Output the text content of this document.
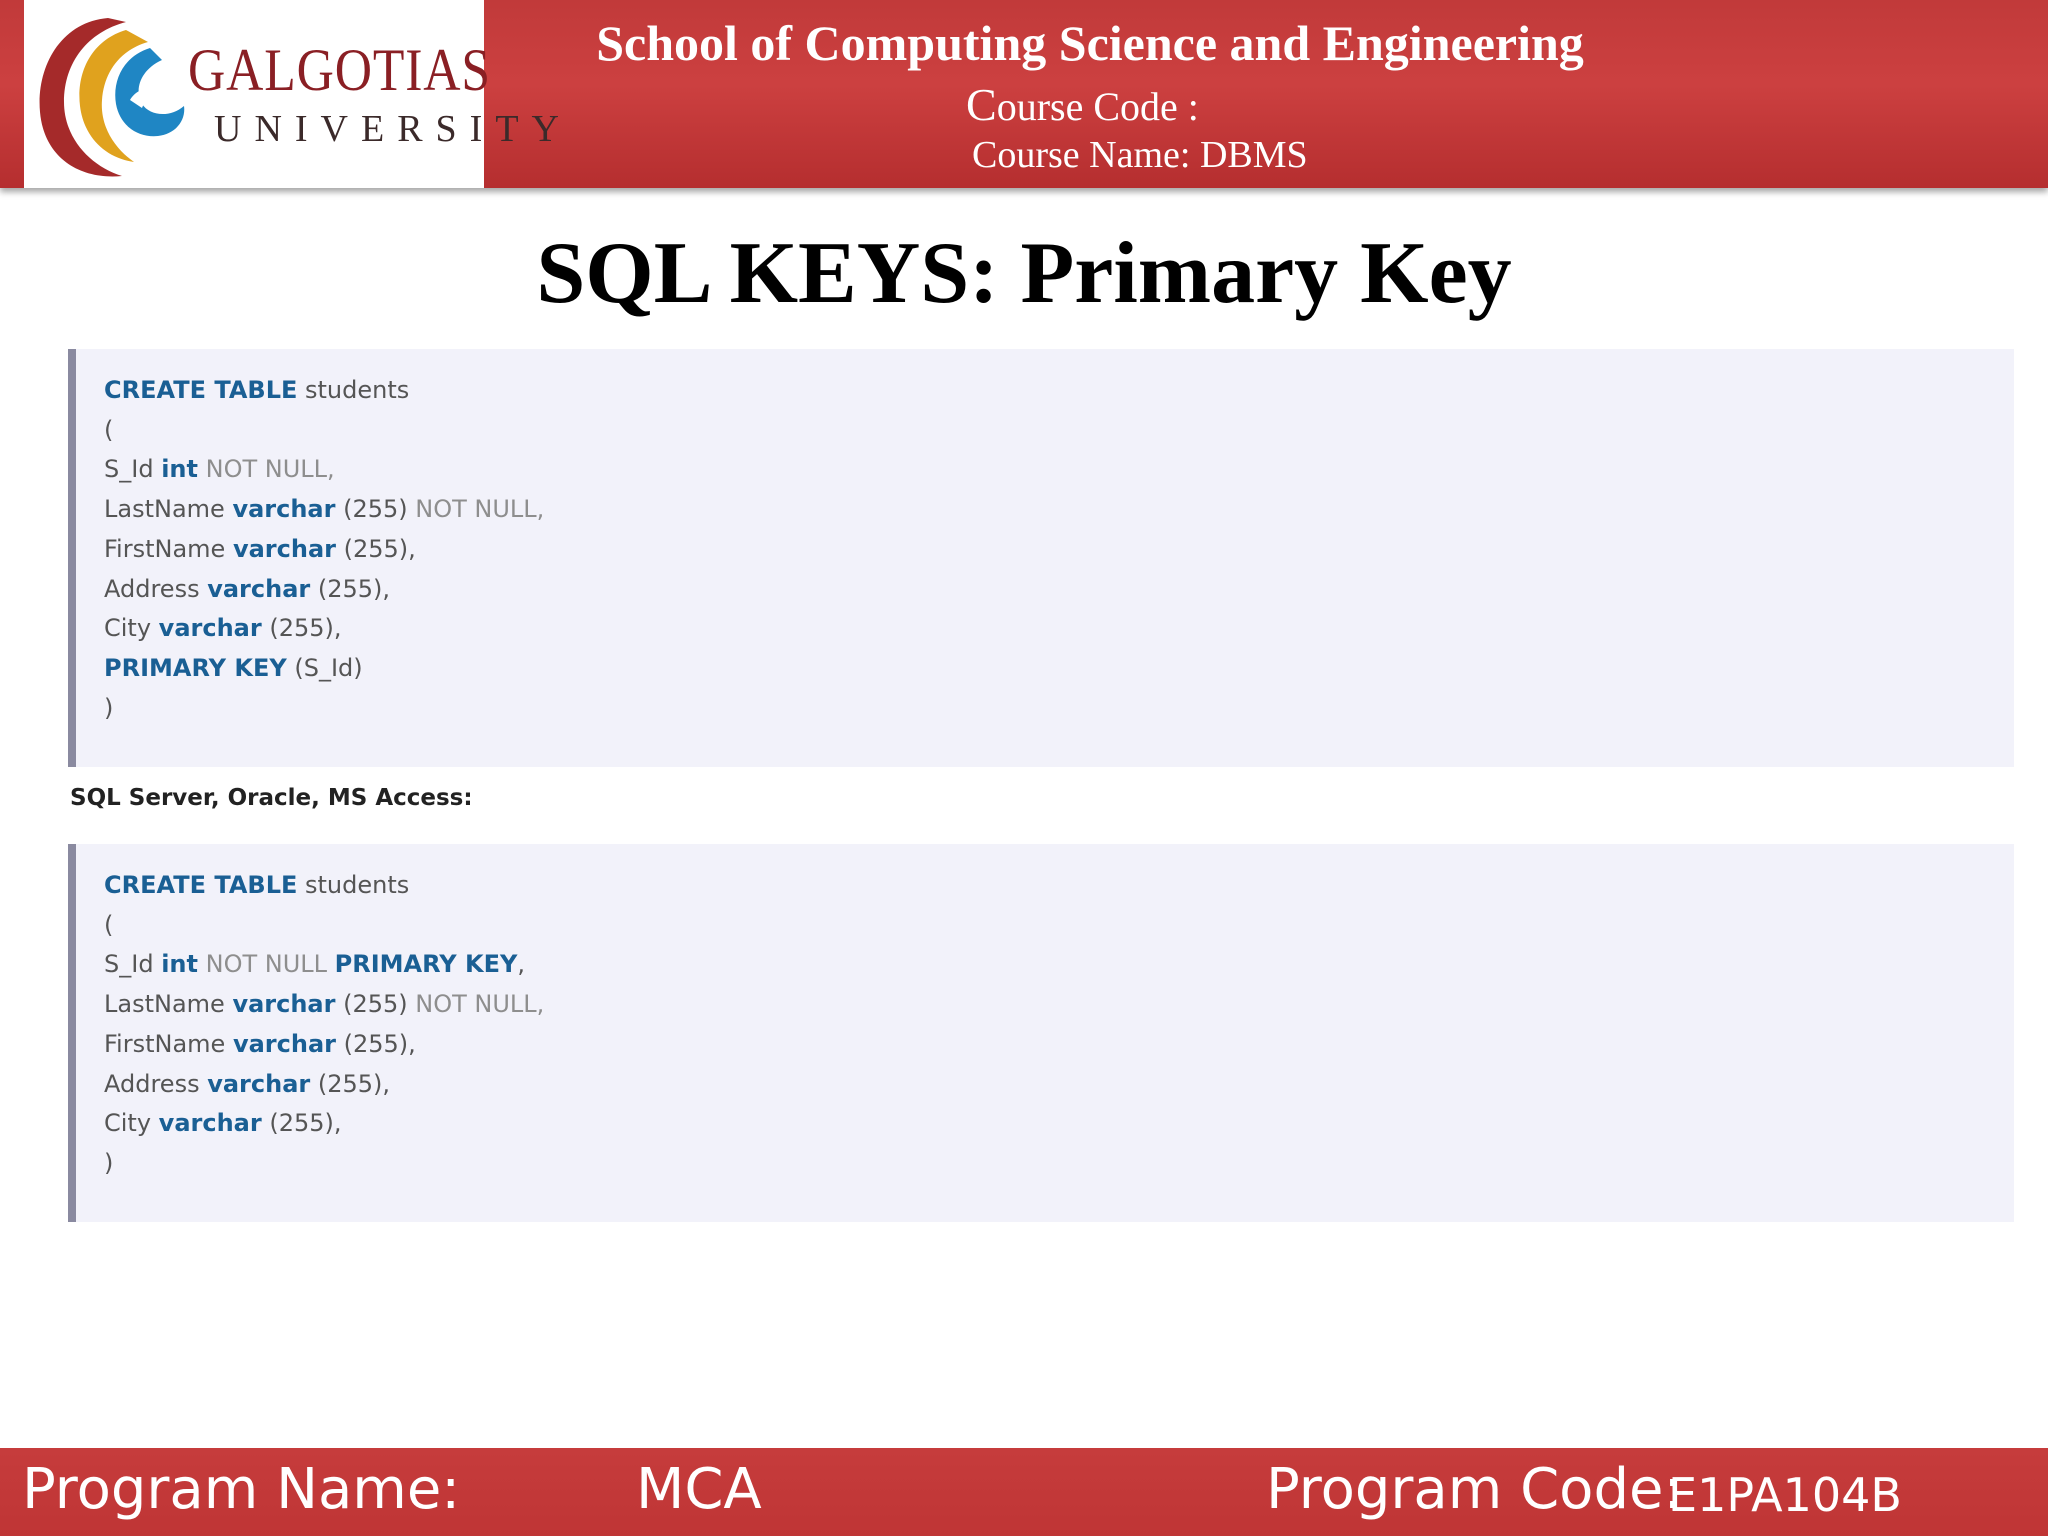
GALGOTIAS
UNIVERSITY
School of Computing Science and Engineering
Course Code :
Course Name: DBMS
SQL KEYS: Primary Key
CREATE TABLE students
(
S_Id int NOT NULL,
LastName varchar (255) NOT NULL,
FirstName varchar (255),
Address varchar (255),
City varchar (255),
PRIMARY KEY (S_Id)
)
SQL Server, Oracle, MS Access:
CREATE TABLE students
(
S_Id int NOT NULL PRIMARY KEY,
LastName varchar (255) NOT NULL,
FirstName varchar (255),
Address varchar (255),
City varchar (255),
)
Program Name:	MCA	Program Code:
E1PA104B
